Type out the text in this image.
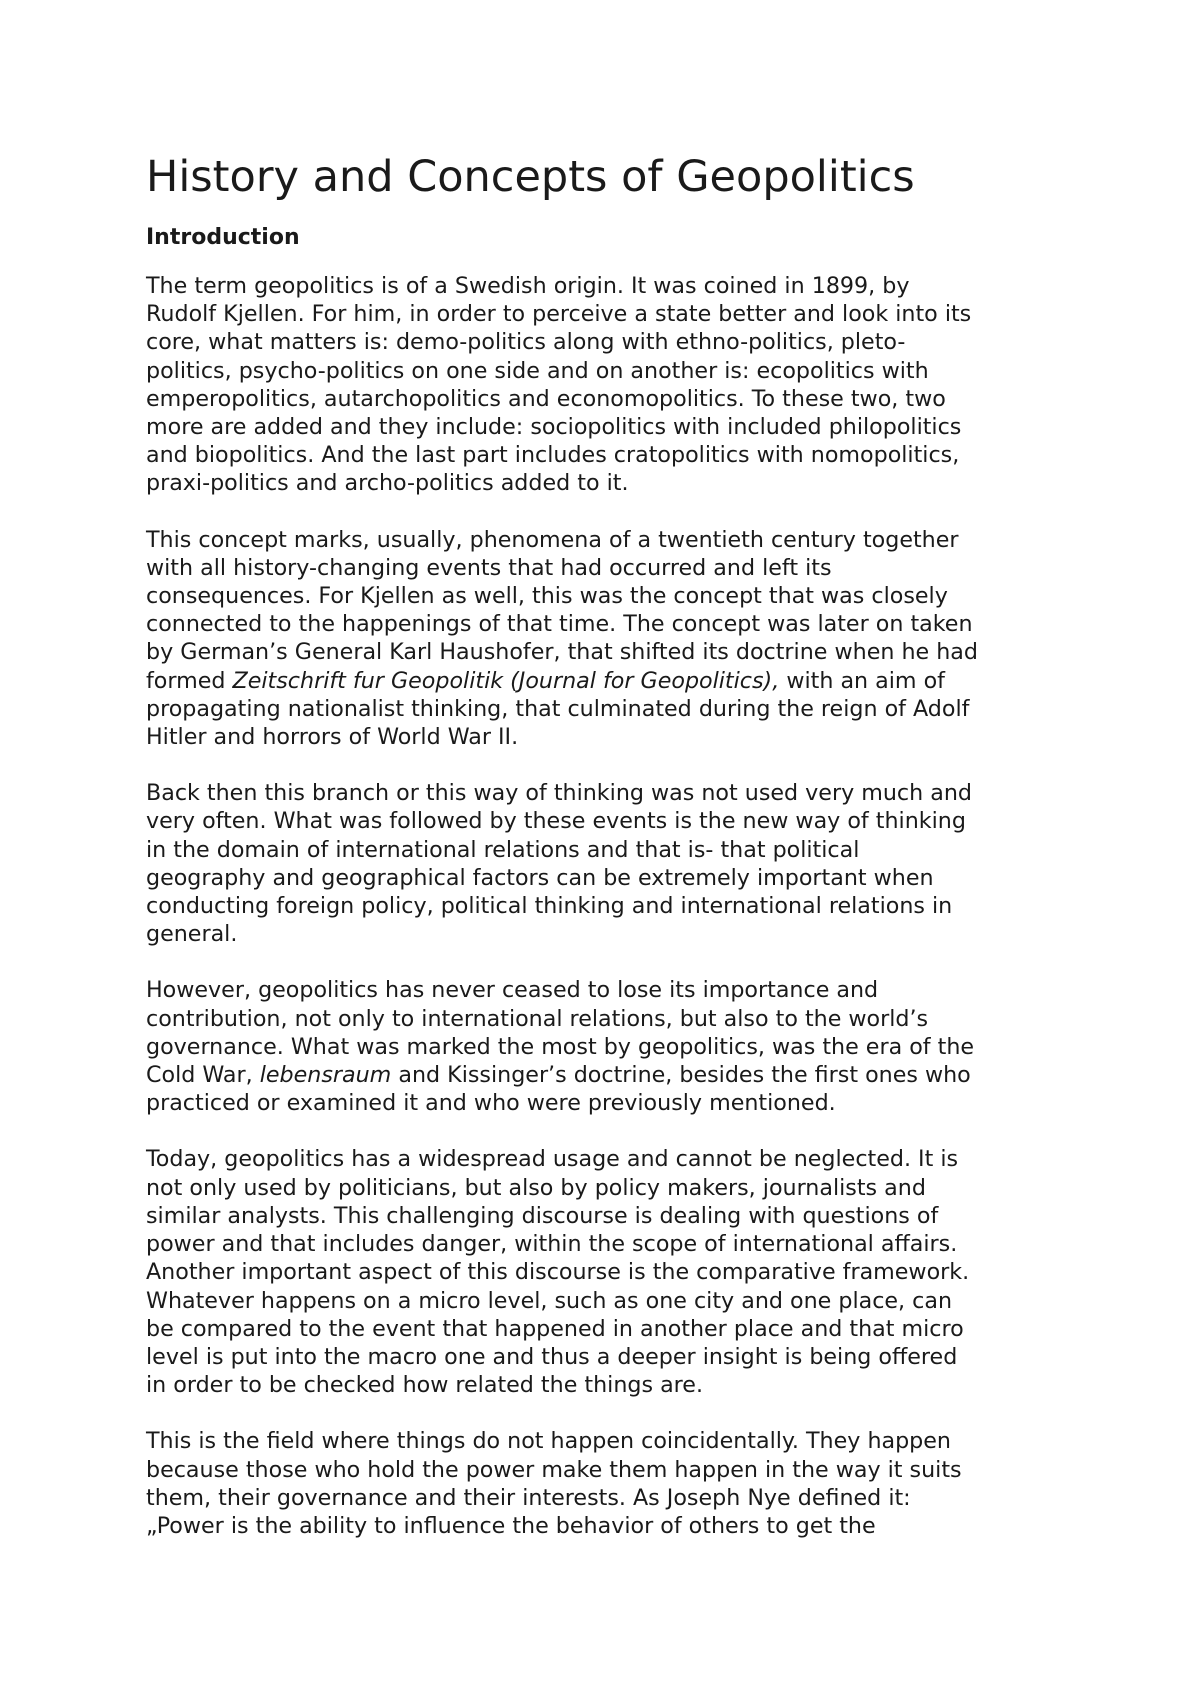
History and Concepts of Geopolitics
Introduction

The term geopolitics is of a Swedish origin. It was coined in 1899, by
Rudolf Kjellen. For him, in order to perceive a state better and look into its
core, what matters is: demo-politics along with ethno-politics, pleto-
politics, psycho-politics on one side and on another is: ecopolitics with
emperopolitics, autarchopolitics and economopolitics. To these two, two
more are added and they include: sociopolitics with included philopolitics
and biopolitics. And the last part includes cratopolitics with nomopolitics,
praxi-politics and archo-politics added to it.

This concept marks, usually, phenomena of a twentieth century together
with all history-changing events that had occurred and left its
consequences. For Kjellen as well, this was the concept that was closely
connected to the happenings of that time. The concept was later on taken
by German’s General Karl Haushofer, that shifted its doctrine when he had
formed Zeitschrift fur Geopolitik (Journal for Geopolitics), with an aim of
propagating nationalist thinking, that culminated during the reign of Adolf
Hitler and horrors of World War II.

Back then this branch or this way of thinking was not used very much and
very often. What was followed by these events is the new way of thinking
in the domain of international relations and that is- that political
geography and geographical factors can be extremely important when
conducting foreign policy, political thinking and international relations in
general.

However, geopolitics has never ceased to lose its importance and
contribution, not only to international relations, but also to the world’s
governance. What was marked the most by geopolitics, was the era of the
Cold War, lebensraum and Kissinger’s doctrine, besides the first ones who
practiced or examined it and who were previously mentioned.

Today, geopolitics has a widespread usage and cannot be neglected. It is
not only used by politicians, but also by policy makers, journalists and
similar analysts. This challenging discourse is dealing with questions of
power and that includes danger, within the scope of international affairs.
Another important aspect of this discourse is the comparative framework.
Whatever happens on a micro level, such as one city and one place, can
be compared to the event that happened in another place and that micro
level is put into the macro one and thus a deeper insight is being offered
in order to be checked how related the things are.

This is the field where things do not happen coincidentally. They happen
because those who hold the power make them happen in the way it suits
them, their governance and their interests. As Joseph Nye defined it:
„Power is the ability to influence the behavior of others to get the
